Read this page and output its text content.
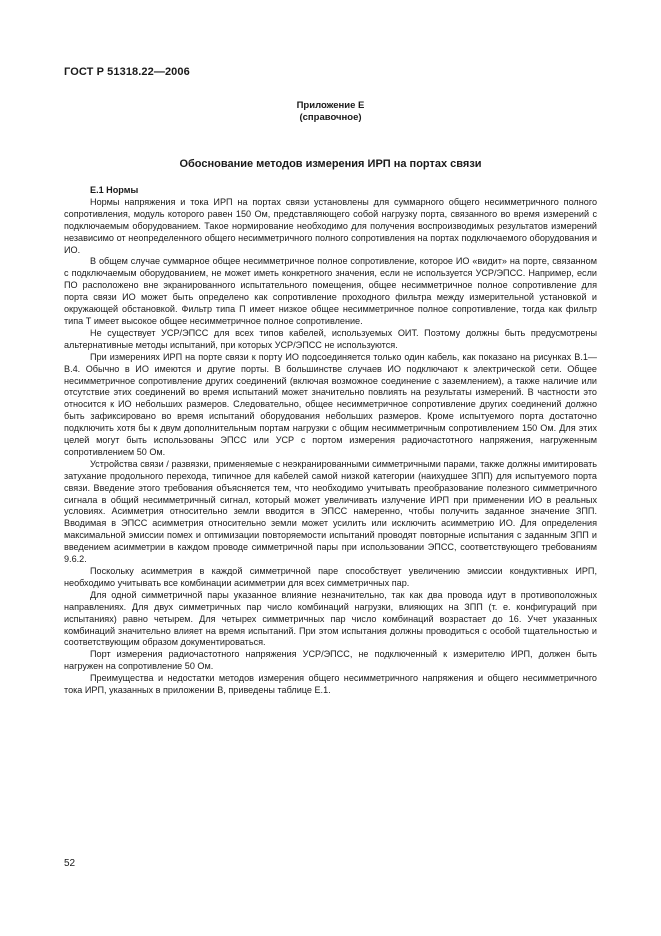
ГОСТ Р 51318.22—2006
Приложение Е
(справочное)
Обоснование методов измерения ИРП на портах связи

Е.1 Нормы

Нормы напряжения и тока ИРП на портах связи установлены для суммарного общего несимметричного полного сопротивления, модуль которого равен 150 Ом, представляющего собой нагрузку порта, связанного во время измерений с подключаемым оборудованием. Такое нормирование необходимо для получения воспроизводимых результатов измерений независимо от неопределенного общего несимметричного полного сопротивления на портах подключаемого оборудования и ИО.

В общем случае суммарное общее несимметричное полное сопротивление, которое ИО «видит» на порте, связанном с подключаемым оборудованием, не может иметь конкретного значения, если не используется УСР/ЭПСС. Например, если ПО расположено вне экранированного испытательного помещения, общее несимметричное полное сопротивление для порта связи ИО может быть определено как сопротивление проходного фильтра между измерительной установкой и окружающей обстановкой. Фильтр типа П имеет низкое общее несимметричное полное сопротивление, тогда как фильтр типа Т имеет высокое общее несимметричное полное сопротивление.

Не существует УСР/ЭПСС для всех типов кабелей, используемых ОИТ. Поэтому должны быть предусмотрены альтернативные методы испытаний, при которых УСР/ЭПСС не используются.

При измерениях ИРП на порте связи к порту ИО подсоединяется только один кабель, как показано на рисунках В.1—В.4. Обычно в ИО имеются и другие порты. В большинстве случаев ИО подключают к электрической сети. Общее несимметричное сопротивление других соединений (включая возможное соединение с заземлением), а также наличие или отсутствие этих соединений во время испытаний может значительно повлиять на результаты измерений. В частности это относится к ИО небольших размеров. Следовательно, общее несимметричное сопротивление других соединений должно быть зафиксировано во время испытаний оборудования небольших размеров. Кроме испытуемого порта достаточно подключить хотя бы к двум дополнительным портам нагрузки с общим несимметричным сопротивлением 150 Ом. Для этих целей могут быть использованы ЭПСС или УСР с портом измерения радиочастотного напряжения, нагруженным сопротивлением 50 Ом.

Устройства связи / развязки, применяемые с неэкранированными симметричными парами, также должны имитировать затухание продольного перехода, типичное для кабелей самой низкой категории (наихудшее ЗПП) для испытуемого порта связи. Введение этого требования объясняется тем, что необходимо учитывать преобразование полезного симметричного сигнала в общий несимметричный сигнал, который может увеличивать излучение ИРП при применении ИО в реальных условиях. Асимметрия относительно земли вводится в ЭПСС намеренно, чтобы получить заданное значение ЗПП. Вводимая в ЭПСС асимметрия относительно земли может усилить или исключить асимметрию ИО. Для определения максимальной эмиссии помех и оптимизации повторяемости испытаний проводят повторные испытания с заданным ЗПП и введением асимметрии в каждом проводе симметричной пары при использовании ЭПСС, соответствующего требованиям 9.6.2.

Поскольку асимметрия в каждой симметричной паре способствует увеличению эмиссии кондуктивных ИРП, необходимо учитывать все комбинации асимметрии для всех симметричных пар.

Для одной симметричной пары указанное влияние незначительно, так как два провода идут в противоположных направлениях. Для двух симметричных пар число комбинаций нагрузки, влияющих на ЗПП (т. е. конфигураций при испытаниях) равно четырем. Для четырех симметричных пар число комбинаций возрастает до 16. Учет указанных комбинаций значительно влияет на время испытаний. При этом испытания должны проводиться с особой тщательностью и соответствующим образом документироваться.

Порт измерения радиочастотного напряжения УСР/ЭПСС, не подключенный к измерителю ИРП, должен быть нагружен на сопротивление 50 Ом.

Преимущества и недостатки методов измерения общего несимметричного напряжения и общего несимметричного тока ИРП, указанных в приложении В, приведены таблице Е.1.

52
